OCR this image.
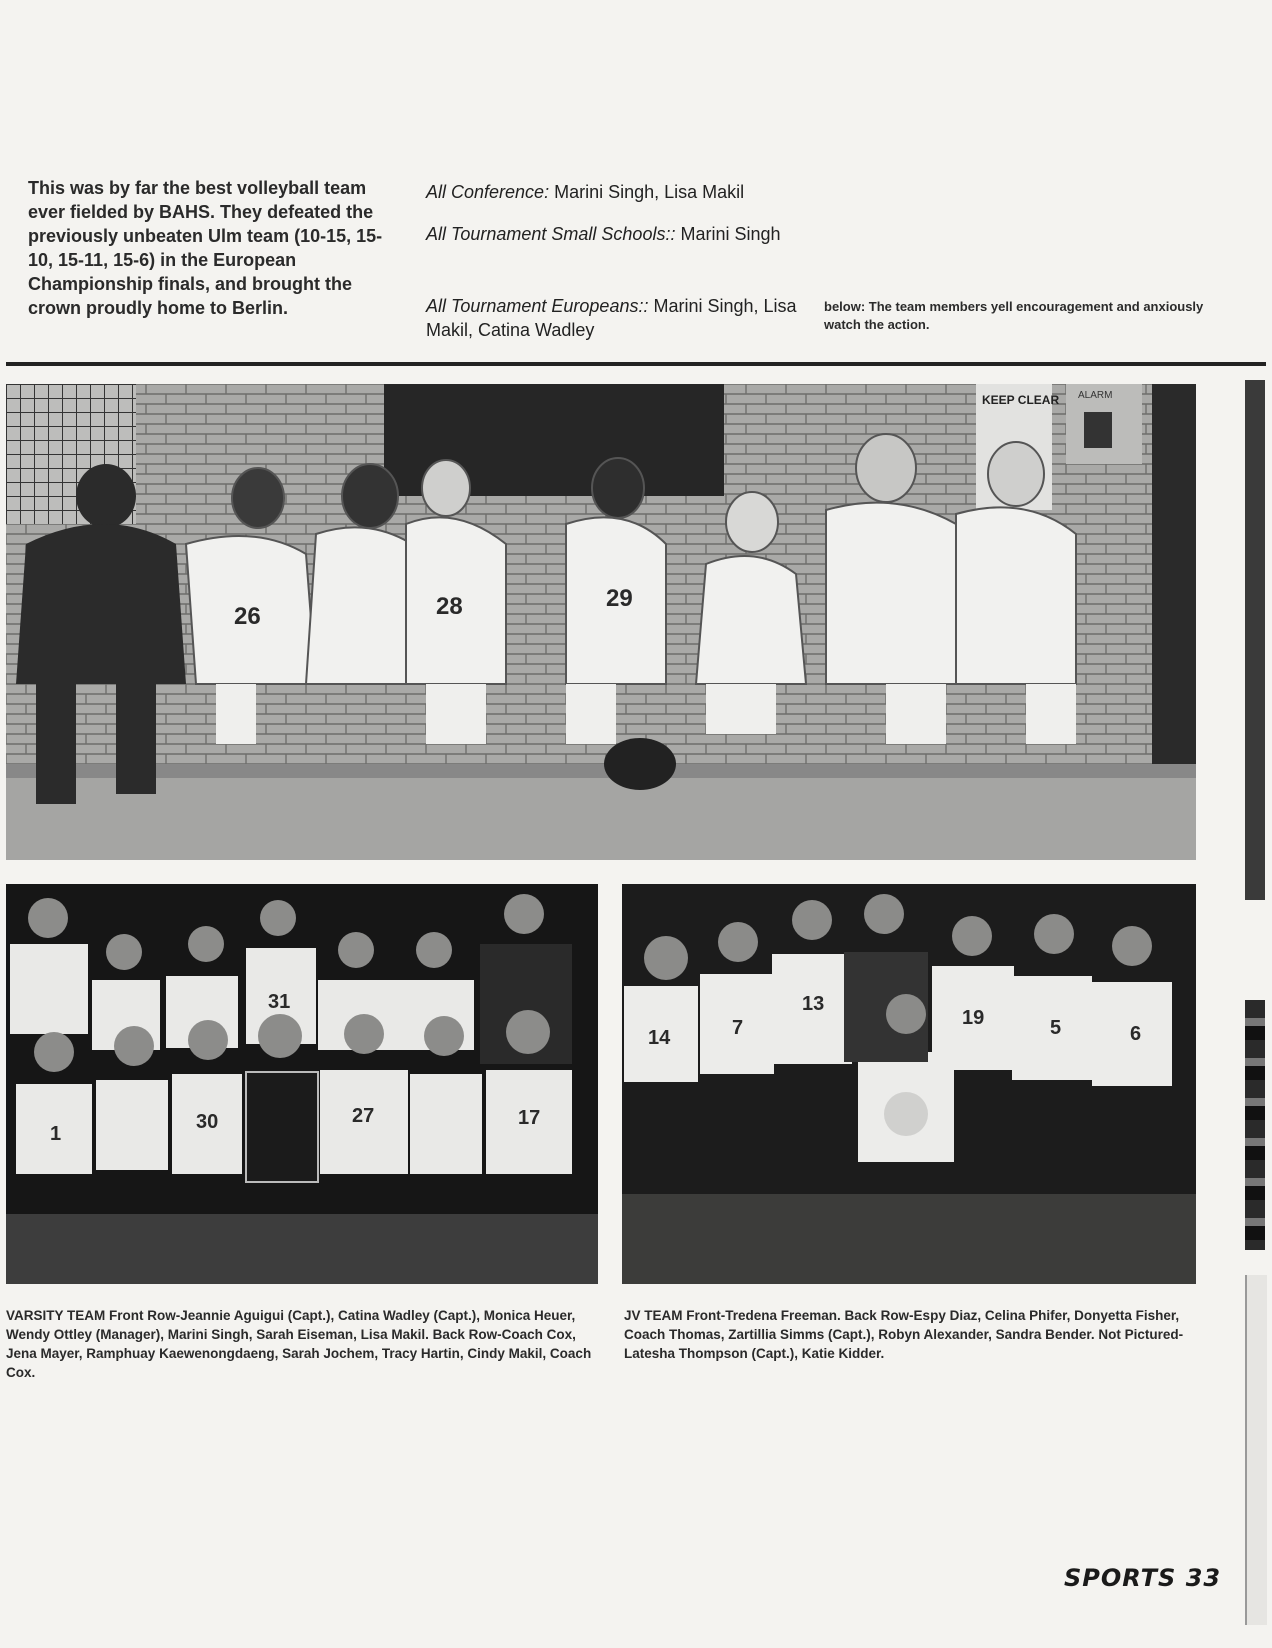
This was by far the best volleyball team ever fielded by BAHS. They defeated the previously unbeaten Ulm team (10-15, 15-10, 15-11, 15-6) in the European Championship finals, and brought the crown proudly home to Berlin.
All Conference: Marini Singh, Lisa Makil
All Tournament Small Schools:: Marini Singh
All Tournament Europeans:: Marini Singh, Lisa Makil, Catina Wadley
below: The team members yell encouragement and anxiously watch the action.
KEEP CLEAR ALARM
26	28	29
31
1
30	27	17
13
14	7	19	5	6
VARSITY TEAM Front Row-Jeannie Aguigui (Capt.), Catina Wadley (Capt.), Monica Heuer, Wendy Ottley (Manager), Marini Singh, Sarah Eiseman, Lisa Makil. Back Row-Coach Cox, Jena Mayer, Ramphuay Kaewenongdaeng, Sarah Jochem, Tracy Hartin, Cindy Makil, Coach Cox.
JV TEAM Front-Tredena Freeman. Back Row-Espy Diaz, Celina Phifer, Donyetta Fisher, Coach Thomas, Zartillia Simms (Capt.), Robyn Alexander, Sandra Bender. Not Pictured-Latesha Thompson (Capt.), Katie Kidder.
SPORTS 33
